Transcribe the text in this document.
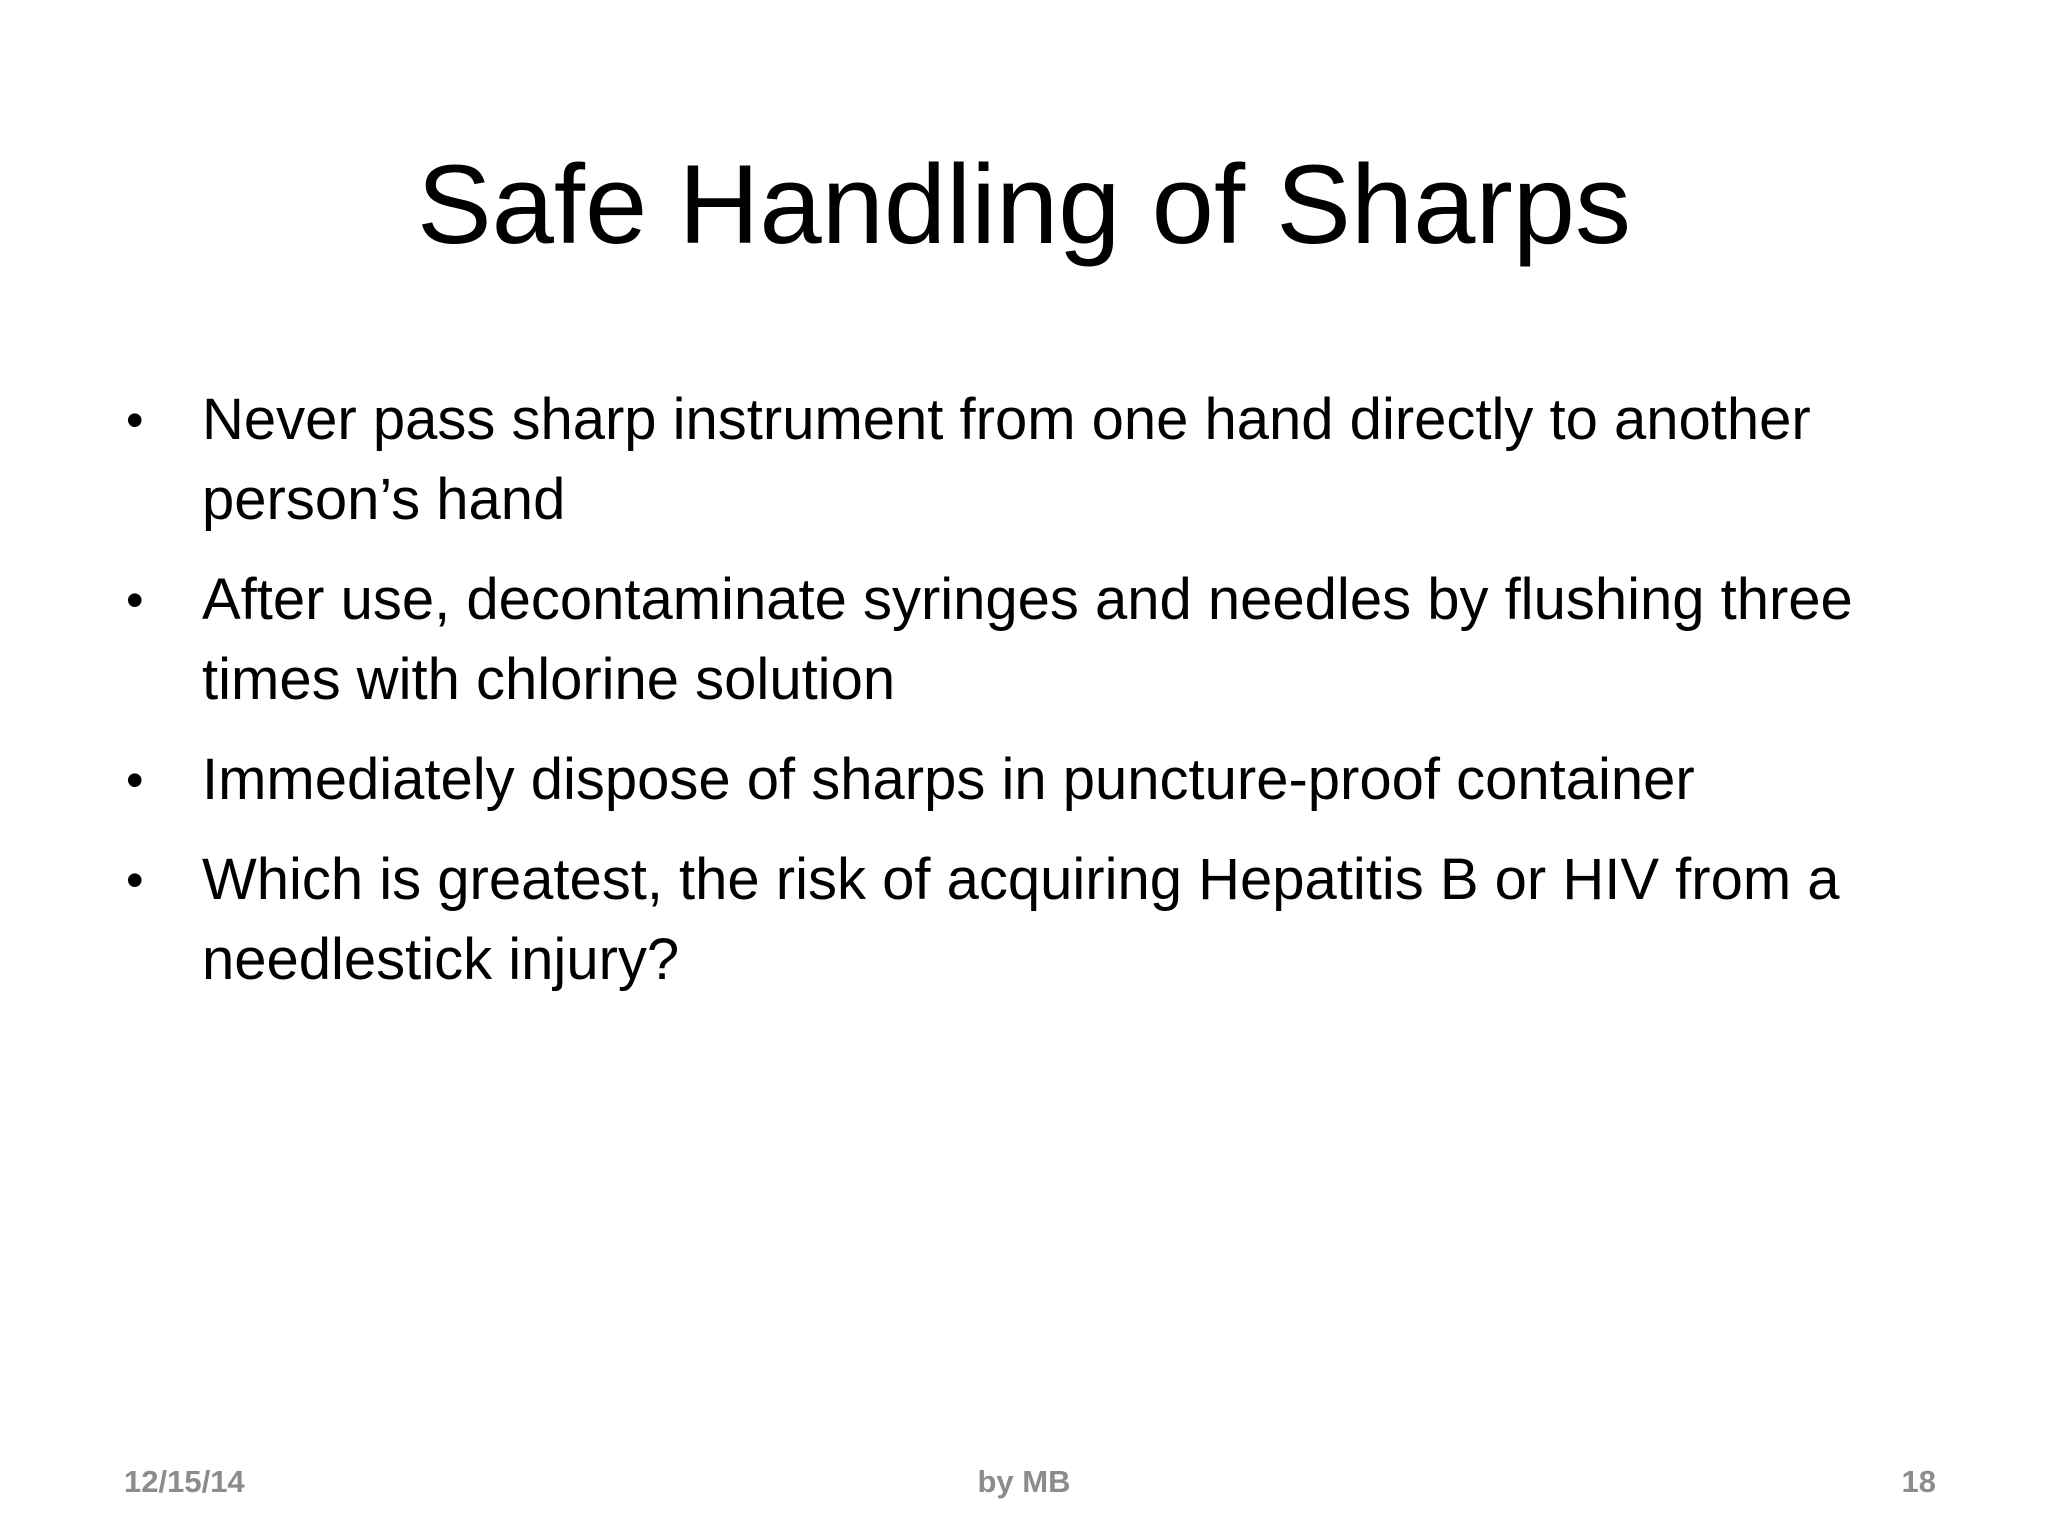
Safe Handling of Sharps
• Never pass sharp instrument from one hand directly to another person’s hand
• After use, decontaminate syringes and needles by flushing three times with chlorine solution
• Immediately dispose of sharps in puncture-proof container
• Which is greatest, the risk of acquiring Hepatitis B or HIV from a needlestick injury?
12/15/14	by MB	18
